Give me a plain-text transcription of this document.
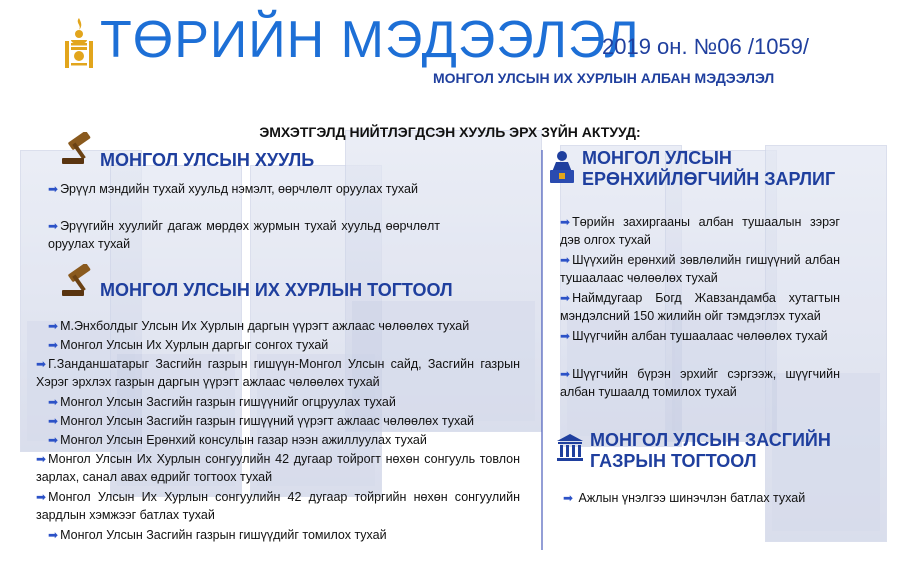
ТӨРИЙН МЭДЭЭЛЭЛ
2019 он. №06 /1059/
МОНГОЛ УЛСЫН ИХ ХУРЛЫН АЛБАН МЭДЭЭЛЭЛ
ЭМХЭТГЭЛД НИЙТЛЭГДСЭН ХУУЛЬ ЭРХ ЗҮЙН АКТУУД:
МОНГОЛ УЛСЫН ХУУЛЬ
➡ Эрүүл мэндийн тухай хуульд нэмэлт, өөрчлөлт оруулах тухай
➡ Эрүүгийн хуулийг дагаж мөрдөх журмын тухай хуульд өөрчлөлт оруулах тухай
МОНГОЛ УЛСЫН ИХ ХУРЛЫН ТОГТООЛ
➡ М.Энхболдыг Улсын Их Хурлын даргын үүрэгт ажлаас чөлөөлөх тухай
➡ Монгол Улсын Их Хурлын даргыг сонгох тухай
➡ Г.Занданшатарыг Засгийн газрын гишүүн-Монгол Улсын сайд, Засгийн газрын Хэрэг эрхлэх газрын даргын үүрэгт ажлаас чөлөөлөх тухай
➡ Монгол Улсын Засгийн газрын гишүүнийг огцруулах тухай
➡ Монгол Улсын Засгийн газрын гишүүний үүрэгт ажлаас чөлөөлөх тухай
➡ Монгол Улсын Ерөнхий консулын газар нээн ажиллуулах тухай
➡ Монгол Улсын Их Хурлын сонгуулийн 42 дугаар тойрогт нөхөн сонгууль товлон зарлах, санал авах өдрийг тогтоох тухай
➡ Монгол Улсын Их Хурлын сонгуулийн 42 дугаар тойргийн нөхөн сонгуулийн зардлын хэмжээг батлах тухай
➡ Монгол Улсын Засгийн газрын гишүүдийг томилох тухай
МОНГОЛ УЛСЫН
ЕРӨНХИЙЛӨГЧИЙН ЗАРЛИГ
➡ Төрийн захиргааны албан тушаалын зэрэг дэв олгох тухай
➡ Шүүхийн ерөнхий зөвлөлийн гишүүний албан тушаалаас чөлөөлөх тухай
➡ Наймдугаар Богд Жавзандамба хутагтын мэндэлсний 150 жилийн ойг тэмдэглэх тухай
➡ Шүүгчийн албан тушаалаас чөлөөлөх тухай
➡ Шүүгчийн бүрэн эрхийг сэргээж, шүүгчийн албан тушаалд томилох тухай
МОНГОЛ УЛСЫН ЗАСГИЙН
ГАЗРЫН ТОГТООЛ
➡ Ажлын үнэлгээ шинэчлэн батлах тухай
